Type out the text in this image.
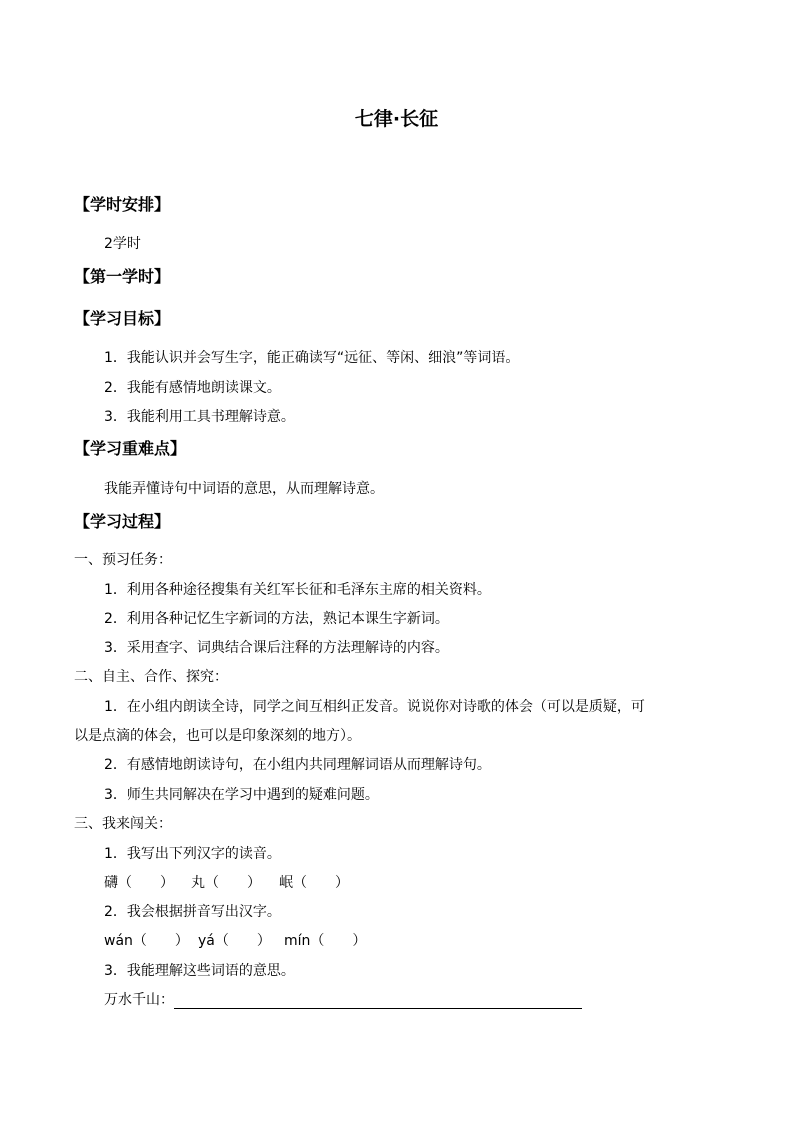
七律·长征
【学时安排】
2学时
【第一学时】
【学习目标】
1．我能认识并会写生字，能正确读写“远征、等闲、细浪”等词语。
2．我能有感情地朗读课文。
3．我能利用工具书理解诗意。
【学习重难点】
我能弄懂诗句中词语的意思，从而理解诗意。
【学习过程】
一、预习任务：
1．利用各种途径搜集有关红军长征和毛泽东主席的相关资料。
2．利用各种记忆生字新词的方法，熟记本课生字新词。
3．采用查字、词典结合课后注释的方法理解诗的内容。
二、自主、合作、探究：
1．在小组内朗读全诗，同学之间互相纠正发音。说说你对诗歌的体会（可以是质疑，可
以是点滴的体会，也可以是印象深刻的地方）。
2．有感情地朗读诗句，在小组内共同理解词语从而理解诗句。
3．师生共同解决在学习中遇到的疑难问题。
三、我来闯关：
1．我写出下列汉字的读音。
礴（　　） 丸（　　） 岷（　　）
2．我会根据拼音写出汉字。
wán（　　） yá（　　） mín（　　）
3．我能理解这些词语的意思。
万水千山：
